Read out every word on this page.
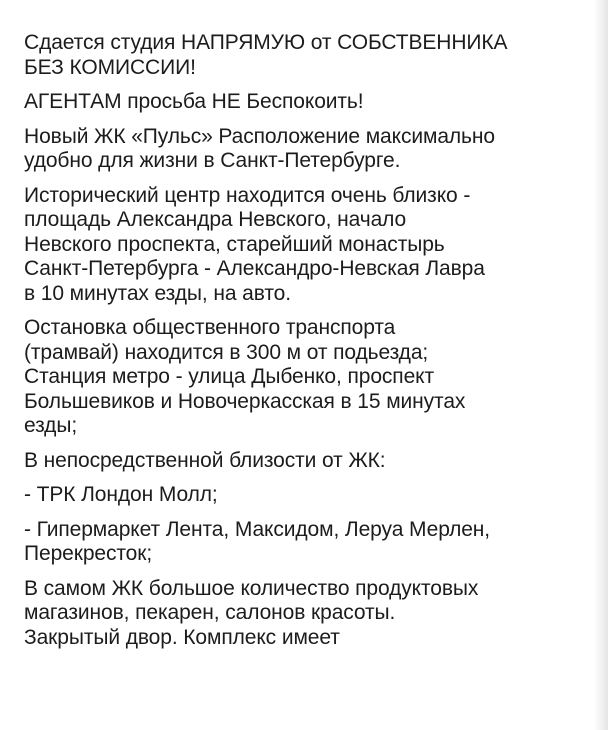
Сдается студия НАПРЯМУЮ от СОБСТВЕННИКА
БЕЗ КОМИССИИ!

АГЕНТАМ просьба НЕ Беспокоить!

Новый ЖК «Пульс» Расположение максимально
удобно для жизни в Санкт-Петербурге.

Исторический центр находится очень близко -
площадь Александра Невского, начало
Невского проспекта, старейший монастырь
Санкт-Петербурга - Александро-Невская Лавра
в 10 минутах езды, на авто.

Остановка общественного транспорта
(трамвай) находится в 300 м от подьезда;
Станция метро - улица Дыбенко, проспект
Большевиков и Новочеркасская в 15 минутах
езды;

В непосредственной близости от ЖК:

- ТРК Лондон Молл;

- Гипермаркет Лента, Максидом, Леруа Мерлен,
Перекресток;

В самом ЖК большое количество продуктовых
магазинов, пекарен, салонов красоты.
Закрытый двор. Комплекс имеет
